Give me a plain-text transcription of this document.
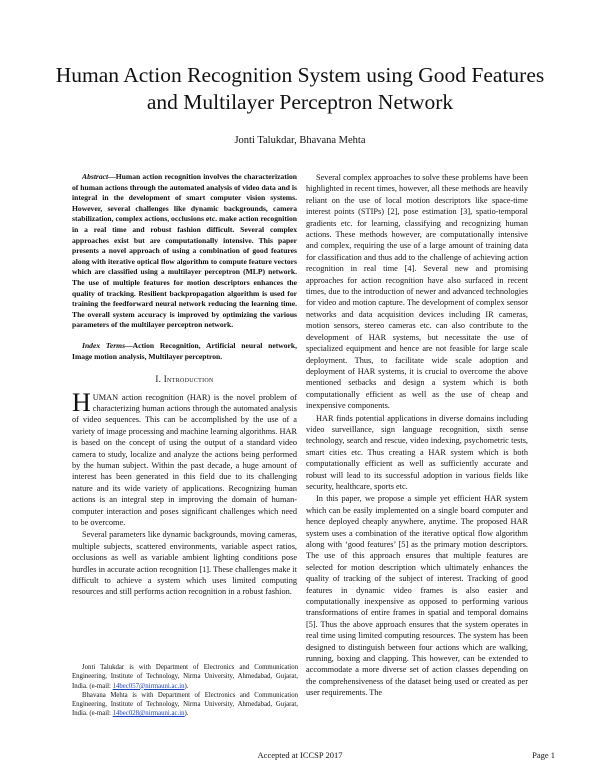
Human Action Recognition System using Good Features and Multilayer Perceptron Network
Jonti Talukdar, Bhavana Mehta

Abstract—Human action recognition involves the characterization of human actions through the automated analysis of video data and is integral in the development of smart computer vision systems. However, several challenges like dynamic backgrounds, camera stabilization, complex actions, occlusions etc. make action recognition in a real time and robust fashion difficult. Several complex approaches exist but are computationally intensive. This paper presents a novel approach of using a combination of good features along with iterative optical flow algorithm to compute feature vectors which are classified using a multilayer perceptron (MLP) network. The use of multiple features for motion descriptors enhances the quality of tracking. Resilient backpropagation algorithm is used for training the feedforward neural network reducing the learning time. The overall system accuracy is improved by optimizing the various parameters of the multilayer perceptron network.

Index Terms—Action Recognition, Artificial neural network, Image motion analysis, Multilayer perceptron.

I. Introduction

HUMAN action recognition (HAR) is the novel problem of characterizing human actions through the automated analysis of video sequences. This can be accomplished by the use of a variety of image processing and machine learning algorithms. HAR is based on the concept of using the output of a standard video camera to study, localize and analyze the actions being performed by the human subject. Within the past decade, a huge amount of interest has been generated in this field due to its challenging nature and its wide variety of applications. Recognizing human actions is an integral step in improving the domain of human-computer interaction and poses significant challenges which need to be overcome.

Several parameters like dynamic backgrounds, moving cameras, multiple subjects, scattered environments, variable aspect ratios, occlusions as well as variable ambient lighting conditions pose hurdles in accurate action recognition [1]. These challenges make it difficult to achieve a system which uses limited computing resources and still performs action recognition in a robust fashion.

Jonti Talukdar is with Department of Electronics and Communication Engineering, Institute of Technology, Nirma University, Ahmedabad, Gujarat, India. (e-mail: 14bec057@nirmauni.ac.in).

Bhavana Mehta is with Department of Electronics and Communication Engineering, Institute of Technology, Nirma University, Ahmedabad, Gujarat, India. (e-mail: 14bec028@nirmauni.ac.in).

Several complex approaches to solve these problems have been highlighted in recent times, however, all these methods are heavily reliant on the use of local motion descriptors like space-time interest points (STIPs) [2], pose estimation [3], spatio-temporal gradients etc. for learning, classifying and recognizing human actions. These methods however, are computationally intensive and complex, requiring the use of a large amount of training data for classification and thus add to the challenge of achieving action recognition in real time [4]. Several new and promising approaches for action recognition have also surfaced in recent times, due to the introduction of newer and advanced technologies for video and motion capture. The development of complex sensor networks and data acquisition devices including IR cameras, motion sensors, stereo cameras etc. can also contribute to the development of HAR systems, but necessitate the use of specialized equipment and hence are not feasible for large scale deployment. Thus, to facilitate wide scale adoption and deployment of HAR systems, it is crucial to overcome the above mentioned setbacks and design a system which is both computationally efficient as well as the use of cheap and inexpensive components.

HAR finds potential applications in diverse domains including video surveillance, sign language recognition, sixth sense technology, search and rescue, video indexing, psychometric tests, smart cities etc. Thus creating a HAR system which is both computationally efficient as well as sufficiently accurate and robust will lead to its successful adoption in various fields like security, healthcare, sports etc.

In this paper, we propose a simple yet efficient HAR system which can be easily implemented on a single board computer and hence deployed cheaply anywhere, anytime. The proposed HAR system uses a combination of the iterative optical flow algorithm along with ‘good features’ [5] as the primary motion descriptors. The use of this approach ensures that multiple features are selected for motion description which ultimately enhances the quality of tracking of the subject of interest. Tracking of good features in dynamic video frames is also easier and computationally inexpensive as opposed to performing various transformations of entire frames in spatial and temporal domains [5]. Thus the above approach ensures that the system operates in real time using limited computing resources. The system has been designed to distinguish between four actions which are walking, running, boxing and clapping. This however, can be extended to accommodate a more diverse set of action classes depending on the comprehensiveness of the dataset being used or created as per user requirements. The

Accepted at ICCSP 2017	Page 1
